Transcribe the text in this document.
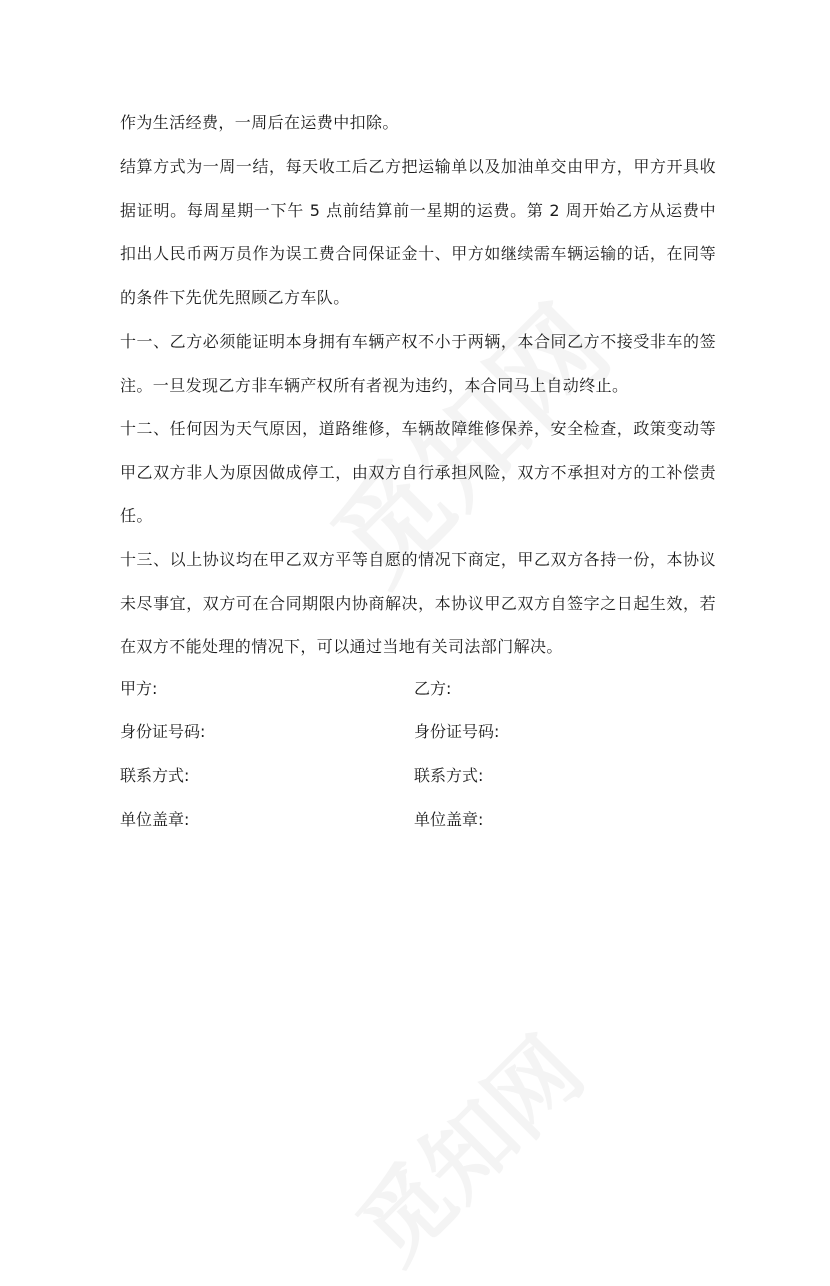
作为生活经费，一周后在运费中扣除。

结算方式为一周一结，每天收工后乙方把运输单以及加油单交由甲方，甲方开具收据证明。每周星期一下午 5 点前结算前一星期的运费。第 2 周开始乙方从运费中扣出人民币两万员作为误工费合同保证金十、甲方如继续需车辆运输的话，在同等的条件下先优先照顾乙方车队。

十一、乙方必须能证明本身拥有车辆产权不小于两辆，本合同乙方不接受非车的签注。一旦发现乙方非车辆产权所有者视为违约，本合同马上自动终止。

十二、任何因为天气原因，道路维修，车辆故障维修保养，安全检查，政策变动等甲乙双方非人为原因做成停工，由双方自行承担风险，双方不承担对方的工补偿责任。

十三、以上协议均在甲乙双方平等自愿的情况下商定，甲乙双方各持一份，本协议未尽事宜，双方可在合同期限内协商解决，本协议甲乙双方自签字之日起生效，若在双方不能处理的情况下，可以通过当地有关司法部门解决。

甲方:	乙方:
身份证号码:	身份证号码:
联系方式:	联系方式:
单位盖章:	单位盖章:
